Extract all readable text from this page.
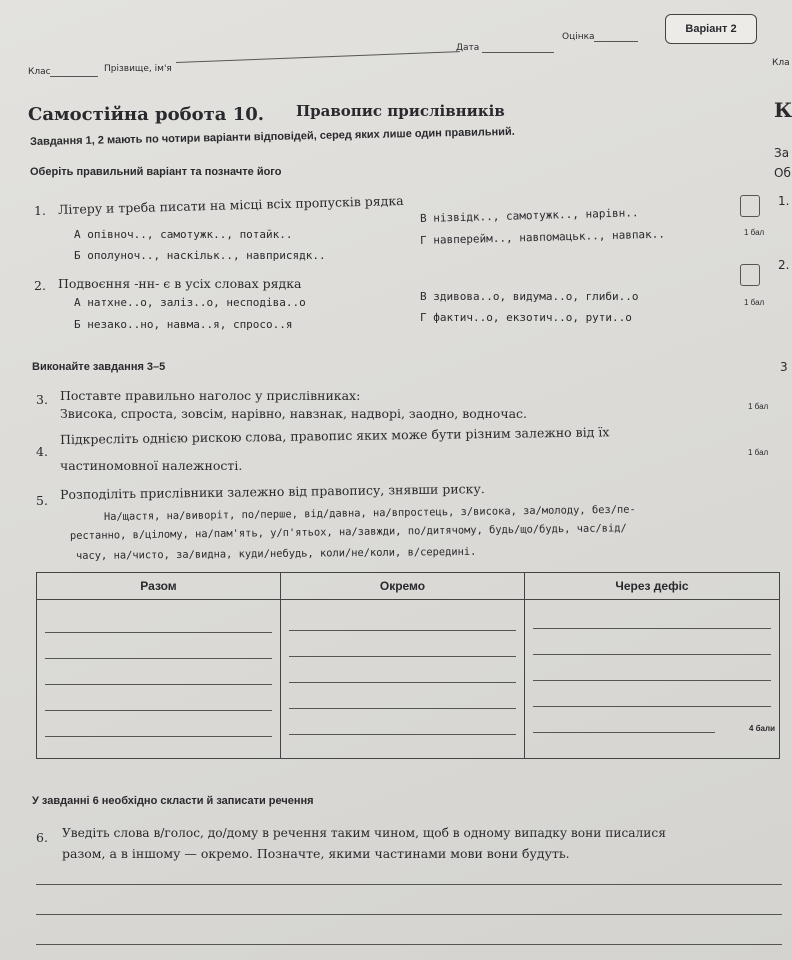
Варіант 2
Дата
Оцінка
Клас	Прізвище, ім'я
Самостійна робота 10. Правопис прислівників
Завдання 1, 2 мають по чотири варіанти відповідей, серед яких лише один правильний.
Оберіть правильний варіант та позначте його
1. Літеру и треба писати на місці всіх пропусків рядка
А опівноч.., самотужк.., потайк..
Б ополуноч.., наскільк.., навприсядк..
В нізвідк.., самотужк.., нарівн..
Г навперейм.., навпомацьк.., навпак..	1 бал
2. Подвоєння -нн- є в усіх словах рядка
А натхне..о, заліз..о, несподіва..о
Б незако..но, навма..я, спросо..я
В здивова..о, видума..о, глиби..о
Г фактич..о, екзотич..о, рути..о
1 бал
Виконайте завдання 3–5
3. Поставте правильно наголос у прислівниках:
Звисока, спроста, зовсім, нарівно, навзнак, надворі, заодно, водночас.	1 бал
4.
Підкресліть однією рискою слова, правопис яких може бути різним залежно від їх
частиномовної належності.
1 бал
5. Розподіліть прислівники залежно від правопису, знявши риску.
На/щастя, на/виворіт, по/перше, від/давна, на/впростець, з/висока, за/молоду, без/пе-
рестанно, в/цілому, на/пам'ять, у/п'ятьох, на/завжди, по/дитячому, будь/що/будь, час/від/
часу, на/чисто, за/видна, куди/небудь, коли/не/коли, в/середині.
Разом	Окремо	Через дефіс

		4 бали
У завданні 6 необхідно скласти й записати речення
6. Уведіть слова в/голос, до/дому в речення таким чином, щоб в одному випадку вони писалися
разом, а в іншому — окремо. Позначте, якими частинами мови вони будуть.
Кла
К
За
Об
1.
2.
3
